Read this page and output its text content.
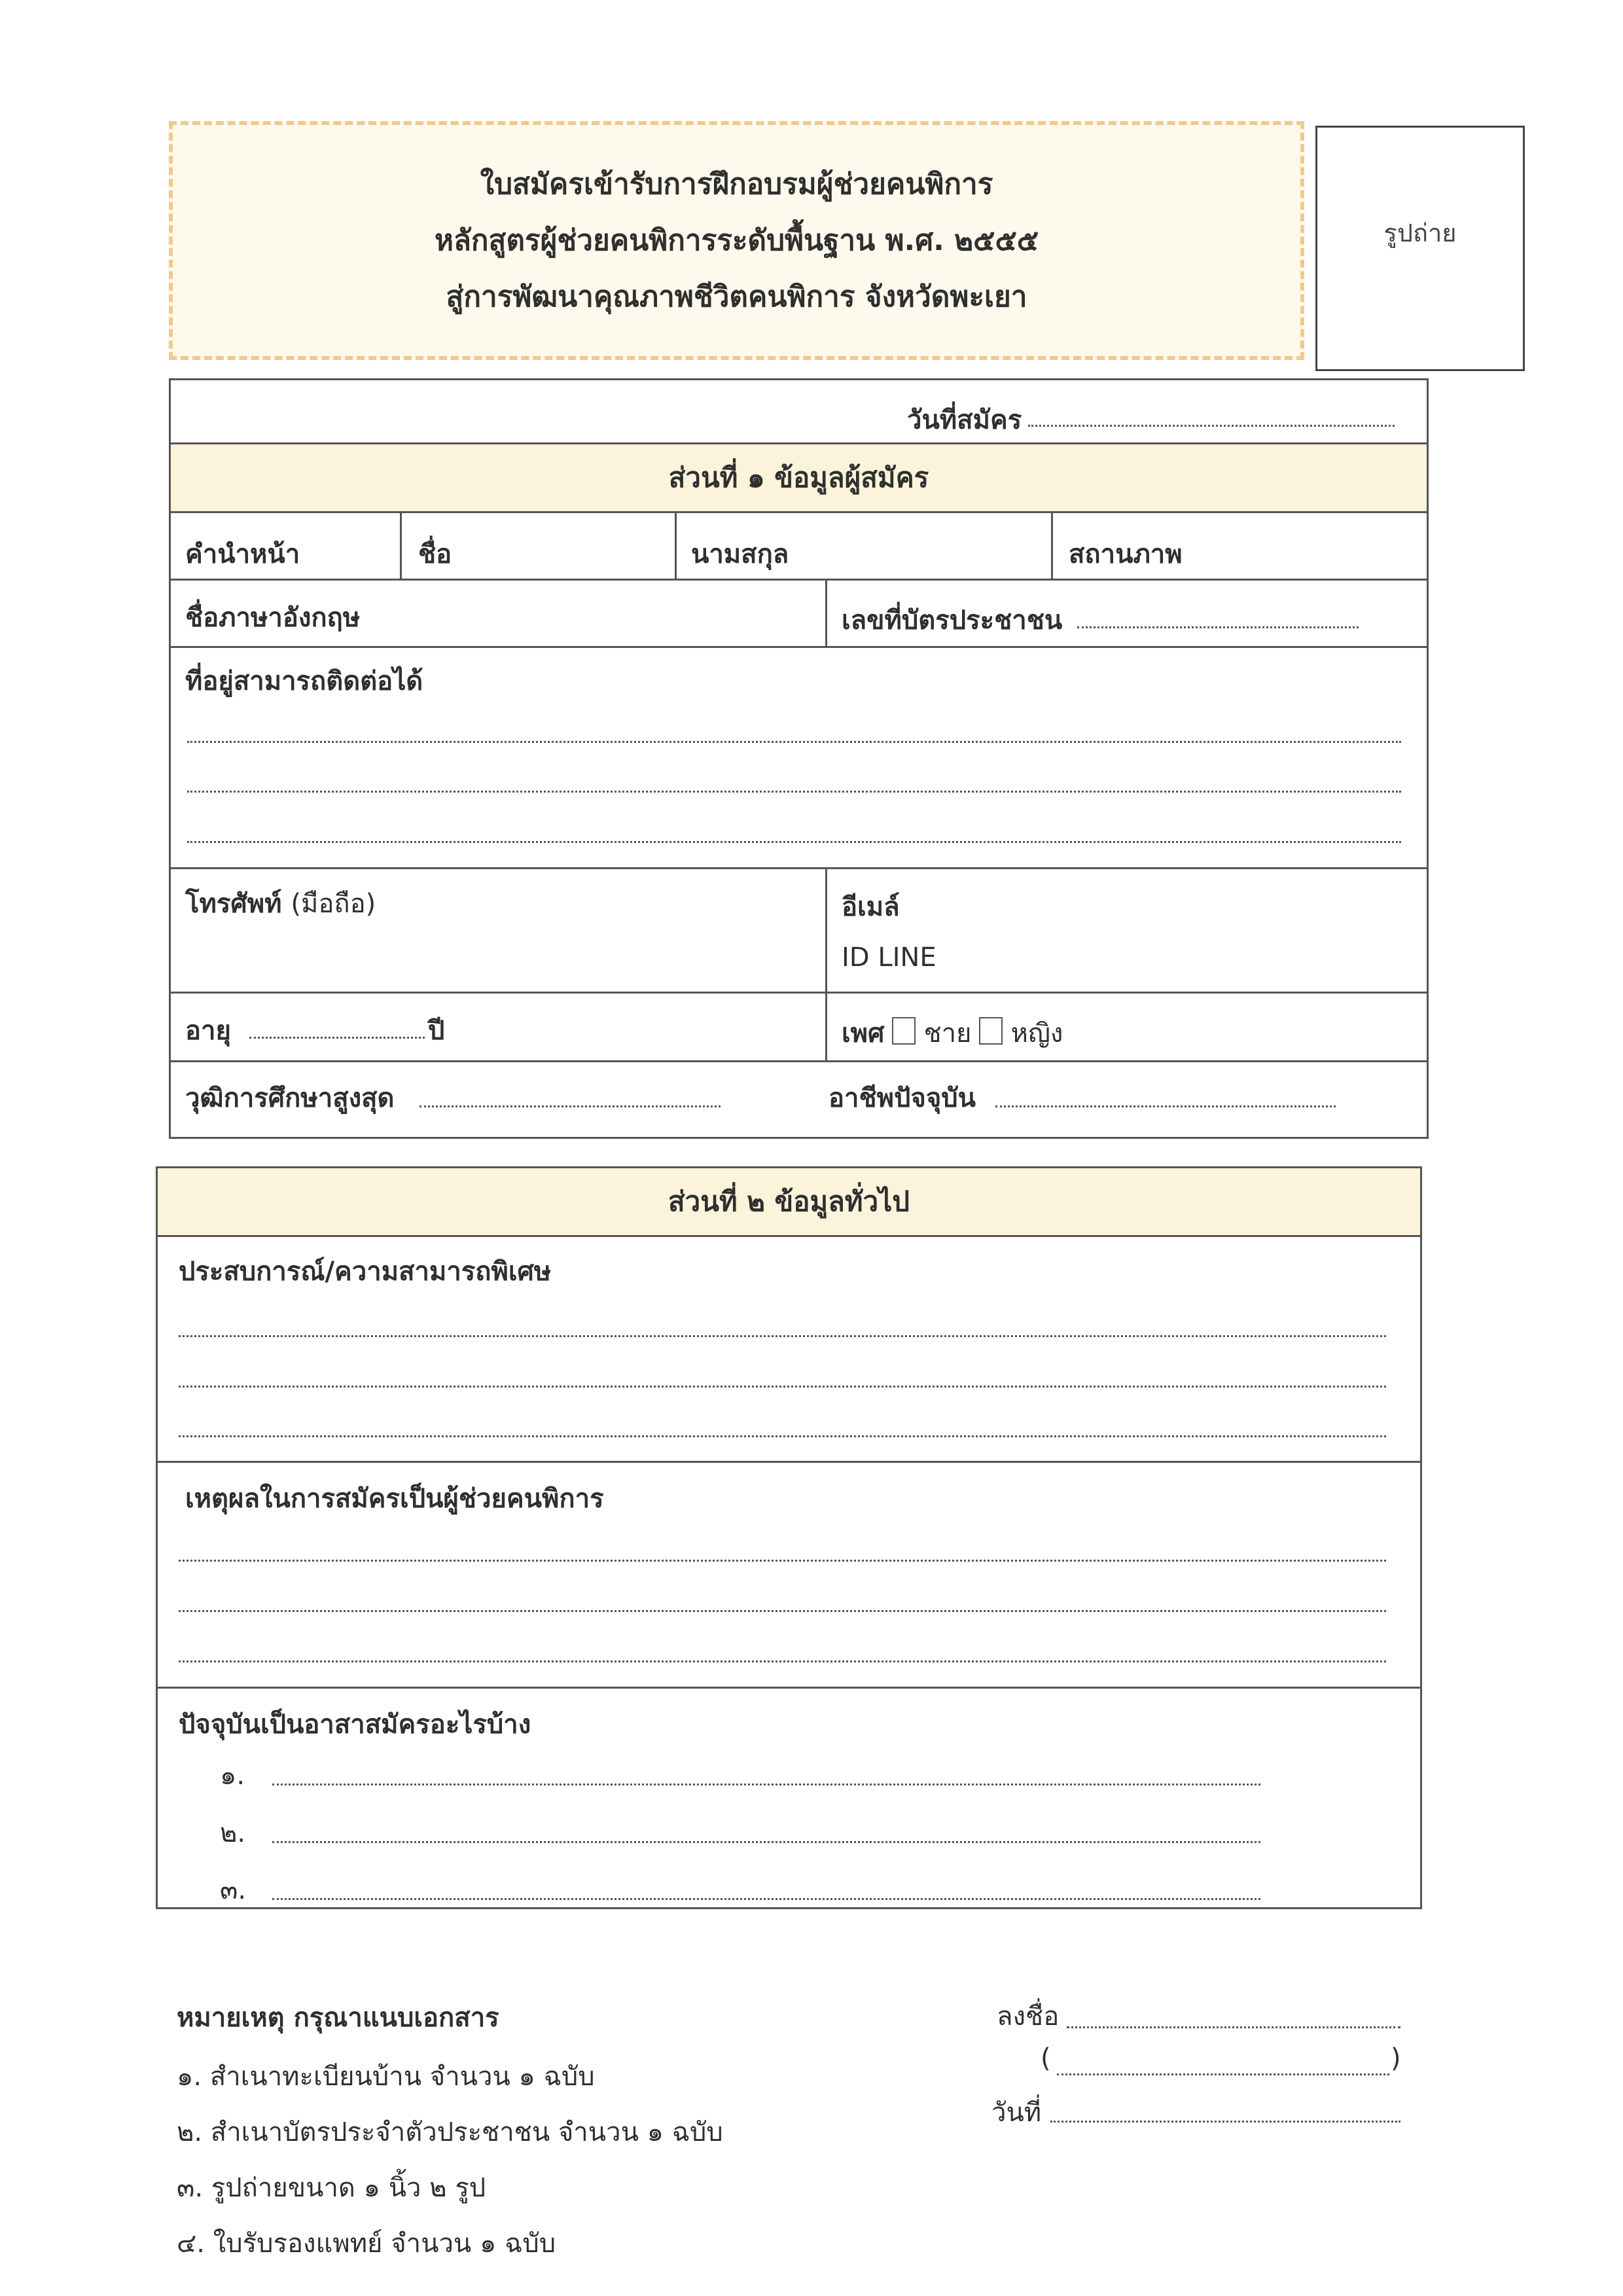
ใบสมัครเข้ารับการฝึกอบรมผู้ช่วยคนพิการ
หลักสูตรผู้ช่วยคนพิการระดับพื้นฐาน พ.ศ. ๒๕๕๕
สู่การพัฒนาคุณภาพชีวิตคนพิการ จังหวัดพะเยา
รูปถ่าย
วันที่สมัคร
ส่วนที่ ๑ ข้อมูลผู้สมัคร
คำนำหน้า	ชื่อ	นามสกุล	สถานภาพ
ชื่อภาษาอังกฤษ	เลขที่บัตรประชาชน
ที่อยู่สามารถติดต่อได้
โทรศัพท์ (มือถือ)	อีเมล์
ID LINE
อายุ	ปี	เพศ ชาย หญิง
วุฒิการศึกษาสูงสุด	อาชีพปัจจุบัน
ส่วนที่ ๒ ข้อมูลทั่วไป
ประสบการณ์/ความสามารถพิเศษ
เหตุผลในการสมัครเป็นผู้ช่วยคนพิการ
ปัจจุบันเป็นอาสาสมัครอะไรบ้าง
๑.
๒.
๓.
หมายเหตุ กรุณาแนบเอกสาร
๑. สำเนาทะเบียนบ้าน จำนวน ๑ ฉบับ
๒. สำเนาบัตรประจำตัวประชาชน จำนวน ๑ ฉบับ
๓. รูปถ่ายขนาด ๑ นิ้ว ๒ รูป
๔. ใบรับรองแพทย์ จำนวน ๑ ฉบับ
ลงชื่อ
(	)
วันที่
